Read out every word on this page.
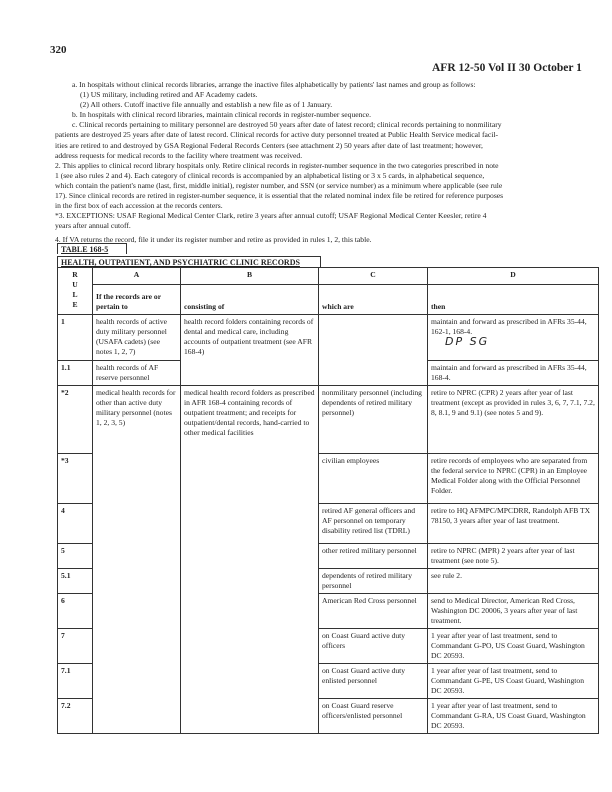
320
AFR 12-50 Vol II 30 October 1

a. In hospitals without clinical records libraries, arrange the inactive files alphabetically by patients' last names and group as follows:

(1) US military, including retired and AF Academy cadets.

(2) All others. Cutoff inactive file annually and establish a new file as of 1 January.

b. In hospitals with clinical record libraries, maintain clinical records in register-number sequence.

c. Clinical records pertaining to military personnel are destroyed 50 years after date of latest record; clinical records pertaining to nonmilitary

patients are destroyed 25 years after date of latest record. Clinical records for active duty personnel treated at Public Health Service medical facil-

ities are retired to and destroyed by GSA Regional Federal Records Centers (see attachment 2) 50 years after date of last treatment; however,

address requests for medical records to the facility where treatment was received.

2. This applies to clinical record library hospitals only. Retire clinical records in register-number sequence in the two categories prescribed in note

1 (see also rules 2 and 4). Each category of clinical records is accompanied by an alphabetical listing or 3 x 5 cards, in alphabetical sequence,

which contain the patient's name (last, first, middle initial), register number, and SSN (or service number) as a minimum where applicable (see rule

17). Since clinical records are retired in register-number sequence, it is essential that the related nominal index file be retired for reference purposes

in the first box of each accession at the records centers.

*3. EXCEPTIONS: USAF Regional Medical Center Clark, retire 3 years after annual cutoff; USAF Regional Medical Center Keesler, retire 4

years after annual cutoff.

4. If VA returns the record, file it under its register number and retire as provided in rules 1, 2, this table.

TABLE 168-5
HEALTH, OUTPATIENT, AND PSYCHIATRIC CLINIC RECORDS
R U L E	A	B	C	D
	If the records are or pertain to	consisting of	which are	then
1	health records of active duty military personnel (USAFA cadets) (see notes 1, 2, 7)	health record folders containing records of dental and medical care, including accounts of outpatient treatment (see AFR 168-4)		maintain and forward as prescribed in AFRs 35-44, 162-1, 168-4.
DP SG

1.1	health records of AF reserve personnel			maintain and forward as prescribed in AFRs 35-44, 168-4.
*2	medical health records for other than active duty military personnel (notes 1, 2, 3, 5)	medical health record folders as prescribed in AFR 168-4 containing records of outpatient treatment; and receipts for outpatient/dental records, hand-carried to other medical facilities	nonmilitary personnel (including dependents of retired military personnel)	retire to NPRC (CPR) 2 years after year of last treatment (except as provided in rules 3, 6, 7, 7.1, 7.2, 8, 8.1, 9 and 9.1) (see notes 5 and 9).
*3			civilian employees	retire records of employees who are separated from the federal service to NPRC (CPR) in an Employee Medical Folder along with the Official Personnel Folder.
4			retired AF general officers and AF personnel on temporary disability retired list (TDRL)	retire to HQ AFMPC/MPCDRR, Randolph AFB TX 78150, 3 years after year of last treatment.
5			other retired military personnel	retire to NPRC (MPR) 2 years after year of last treatment (see note 5).
5.1			dependents of retired military personnel	see rule 2.
6			American Red Cross personnel	send to Medical Director, American Red Cross, Washington DC 20006, 3 years after year of last treatment.
7			on Coast Guard active duty officers	1 year after year of last treatment, send to Commandant G-PO, US Coast Guard, Washington DC 20593.
7.1			on Coast Guard active duty enlisted personnel	1 year after year of last treatment, send to Commandant G-PE, US Coast Guard, Washington DC 20593.
7.2			on Coast Guard reserve officers/enlisted personnel	1 year after year of last treatment, send to Commandant G-RA, US Coast Guard, Washington DC 20593.
